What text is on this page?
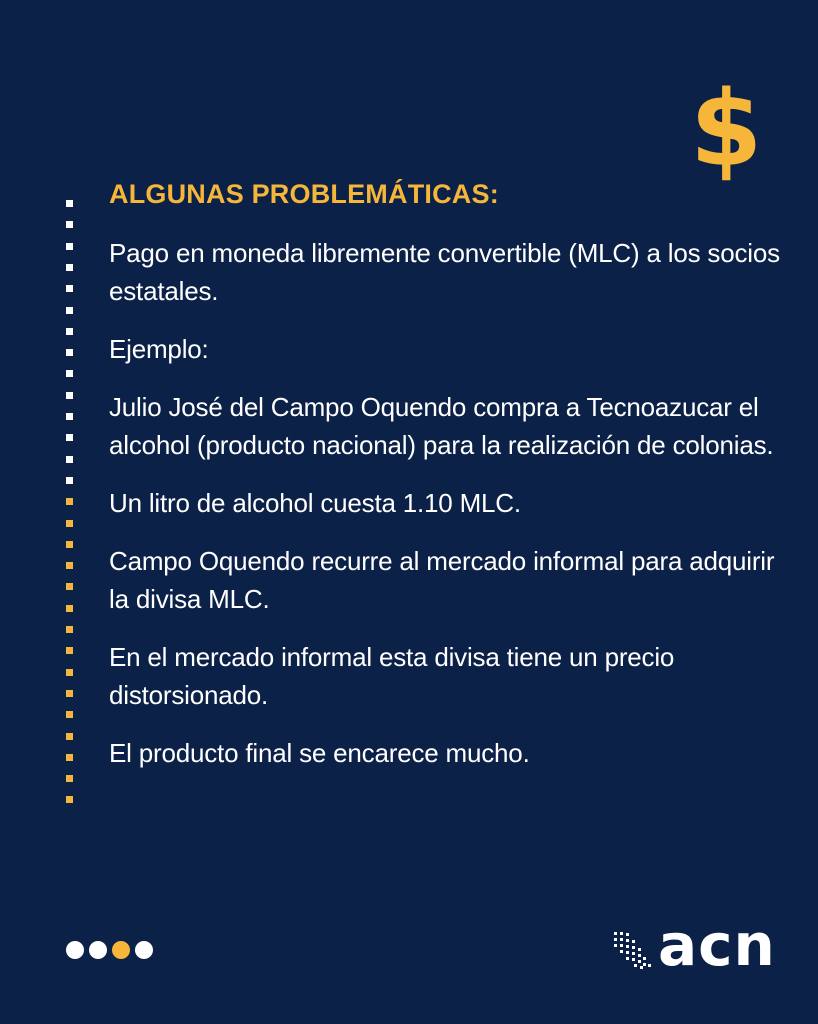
$
ALGUNAS PROBLEMÁTICAS:
Pago en moneda libremente convertible (MLC) a los socios estatales.
Ejemplo:
Julio José del Campo Oquendo compra a Tecnoazucar el alcohol (producto nacional) para la realización de colonias.
Un litro de alcohol cuesta 1.10 MLC.
Campo Oquendo recurre al mercado informal para adquirir la divisa MLC.
En el mercado informal esta divisa tiene un precio distorsionado.
El producto final se encarece mucho.
acn
